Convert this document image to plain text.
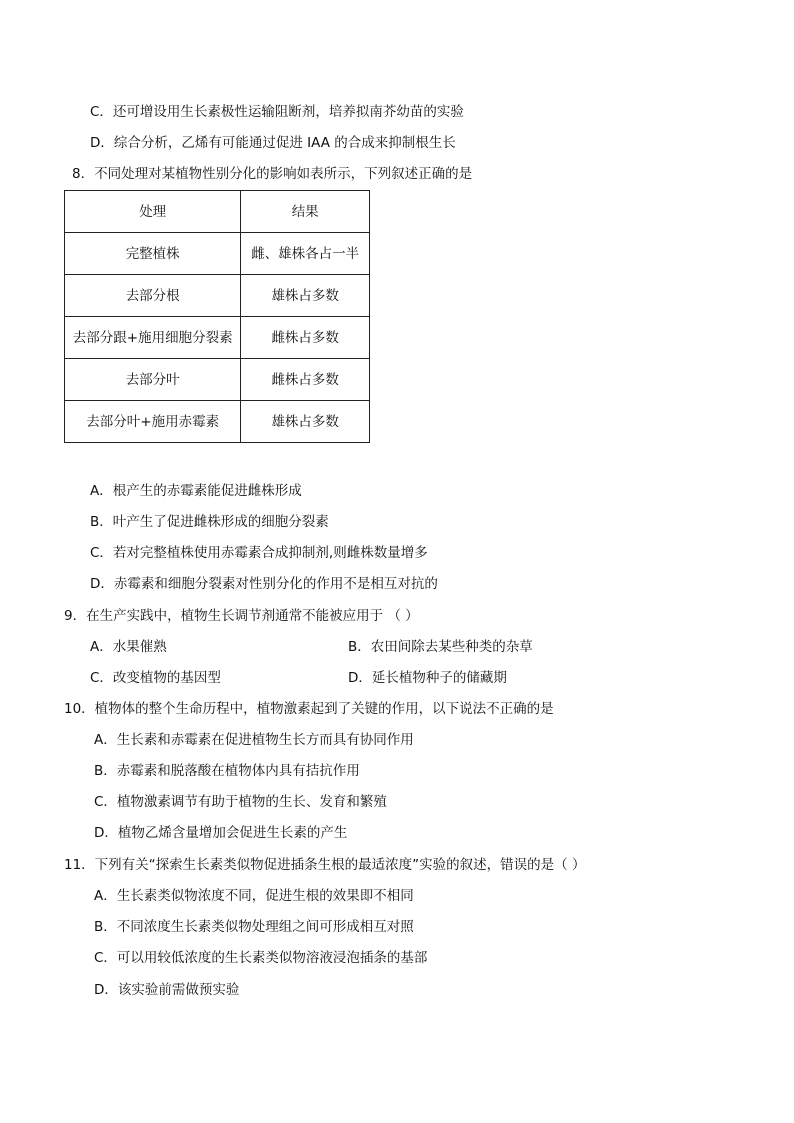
C．还可增设用生长素极性运输阻断剂，培养拟南芥幼苗的实验
D．综合分析，乙烯有可能通过促进 IAA 的合成来抑制根生长
8．不同处理对某植物性别分化的影响如表所示，下列叙述正确的是
处理	结果
完整植株	雌、雄株各占一半
去部分根	雄株占多数
去部分跟+施用细胞分裂素	雌株占多数
去部分叶	雌株占多数
去部分叶+施用赤霉素	雄株占多数
A．根产生的赤霉素能促进雌株形成
B．叶产生了促进雌株形成的细胞分裂素
C．若对完整植株使用赤霉素合成抑制剂,则雌株数量增多
D．赤霉素和细胞分裂素对性别分化的作用不是相互对抗的
9．在生产实践中，植物生长调节剂通常不能被应用于 （ ）
A．水果催熟	B．农田间除去某些种类的杂草
C．改变植物的基因型	D．延长植物种子的储藏期
10．植物体的整个生命历程中，植物激素起到了关键的作用，以下说法不正确的是
A．生长素和赤霉素在促进植物生长方而具有协同作用
B．赤霉素和脱落酸在植物体内具有拮抗作用
C．植物激素调节有助于植物的生长、发育和繁殖
D．植物乙烯含量增加会促进生长素的产生
11．下列有关“探索生长素类似物促进插条生根的最适浓度”实验的叙述，错误的是（ ）
A．生长素类似物浓度不同，促进生根的效果即不相同
B．不同浓度生长素类似物处理组之间可形成相互对照
C．可以用较低浓度的生长素类似物溶液浸泡插条的基部
D．该实验前需做预实验
